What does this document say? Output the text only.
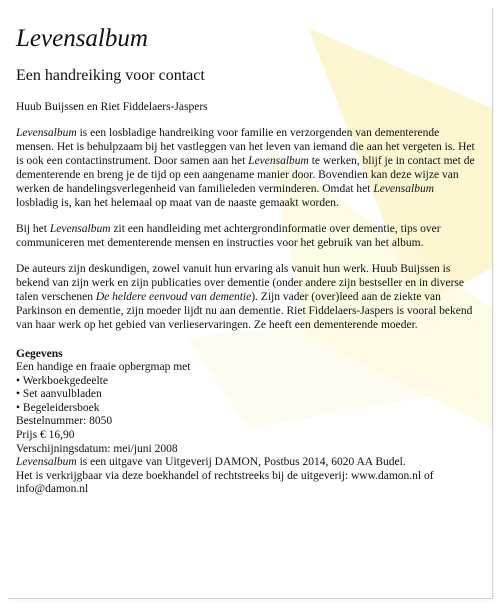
Levensalbum
Een handreiking voor contact
Huub Buijssen en Riet Fiddelaers-Jaspers

Levensalbum is een losbladige handreiking voor familie en verzorgenden van dementerende mensen. Het is behulpzaam bij het vastleggen van het leven van iemand die aan het vergeten is. Het is ook een contactinstrument. Door samen aan het Levensalbum te werken, blijf je in contact met de dementerende en breng je de tijd op een aangename manier door. Bovendien kan deze wijze van werken de handelingsverlegenheid van familieleden verminderen. Omdat het Levensalbum losbladig is, kan het helemaal op maat van de naaste gemaakt worden.

Bij het Levensalbum zit een handleiding met achtergrondinformatie over dementie, tips over communiceren met dementerende mensen en instructies voor het gebruik van het album.

De auteurs zijn deskundigen, zowel vanuit hun ervaring als vanuit hun werk. Huub Buijssen is bekend van zijn werk en zijn publicaties over dementie (onder andere zijn bestseller en in diverse talen verschenen De heldere eenvoud van dementie). Zijn vader (over)leed aan de ziekte van Parkinson en dementie, zijn moeder lijdt nu aan dementie. Riet Fiddelaers-Jaspers is vooral bekend van haar werk op het gebied van verlieservaringen. Ze heeft een dementerende moeder.

Gegevens
Een handige en fraaie opbergmap met
• Werkboekgedeelte
• Set aanvulbladen
• Begeleidersboek
Bestelnummer: 8050
Prijs € 16,90
Verschijningsdatum: mei/juni 2008
Levensalbum is een uitgave van Uitgeverij DAMON, Postbus 2014, 6020 AA Budel.
Het is verkrijgbaar via deze boekhandel of rechtstreeks bij de uitgeverij: www.damon.nl of
info@damon.nl
